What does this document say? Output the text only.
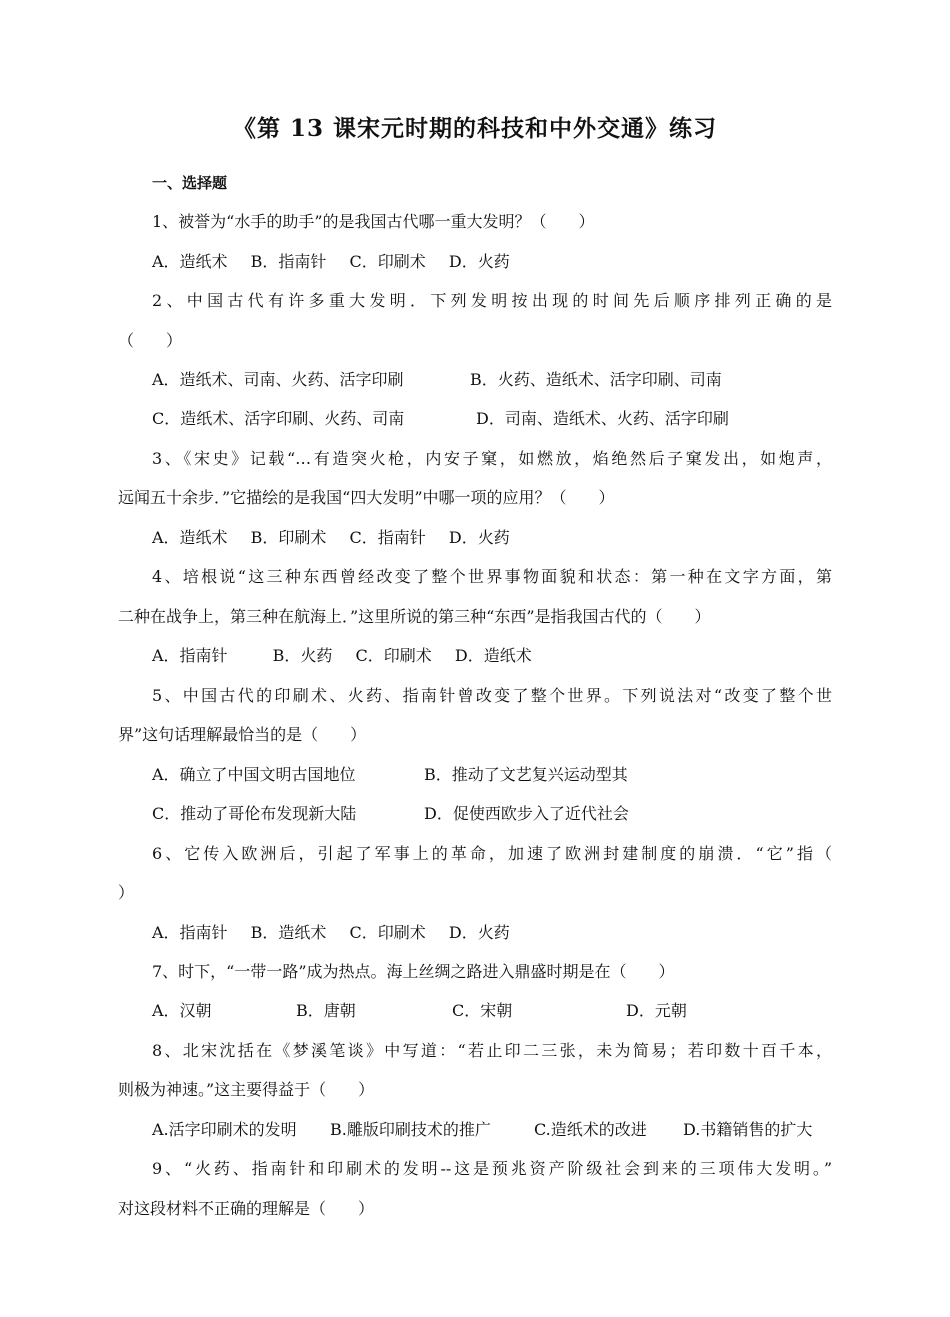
《第 13 课宋元时期的科技和中外交通》练习
一、选择题
1、被誉为“水手的助手”的是我国古代哪一重大发明？（　　）
A．造纸术 B．指南针 C．印刷术 D．火药
2、中国古代有许多重大发明．下列发明按出现的时间先后顺序排列正确的是
（　　）
A．造纸术、司南、火药、活字印刷	B．火药、造纸术、活字印刷、司南
C．造纸术、活字印刷、火药、司南	D．司南、造纸术、火药、活字印刷
3、《宋史》记载“…有造突火枪，内安子窠，如燃放，焰绝然后子窠发出，如炮声，
远闻五十余步．”它描绘的是我国“四大发明”中哪一项的应用？（　　）
A．造纸术 B．印刷术 C．指南针 D．火药
4、培根说“这三种东西曾经改变了整个世界事物面貌和状态：第一种在文字方面，第
二种在战争上，第三种在航海上．”这里所说的第三种“东西”是指我国古代的（　　）
A．指南针	B．火药 C．印刷术 D．造纸术
5、中国古代的印刷术、火药、指南针曾改变了整个世界。下列说法对“改变了整个世
界”这句话理解最恰当的是（　　）
A．确立了中国文明古国地位	B．推动了文艺复兴运动型其
C．推动了哥伦布发现新大陆	D．促使西欧步入了近代社会
6、它传入欧洲后，引起了军事上的革命，加速了欧洲封建制度的崩溃．“它”指（
）
A．指南针 B．造纸术 C．印刷术 D．火药
7、时下，“一带一路”成为热点。海上丝绸之路进入鼎盛时期是在（　　）
A．汉朝	B．唐朝	C．宋朝	D．元朝
8、北宋沈括在《梦溪笔谈》中写道：“若止印二三张，未为简易；若印数十百千本，
则极为神速。”这主要得益于（　　）
A.活字印刷术的发明 B.雕版印刷技术的推广	C.造纸术的改进 D.书籍销售的扩大
9、“火药、指南针和印刷术的发明--这是预兆资产阶级社会到来的三项伟大发明。”
对这段材料不正确的理解是（　　）
